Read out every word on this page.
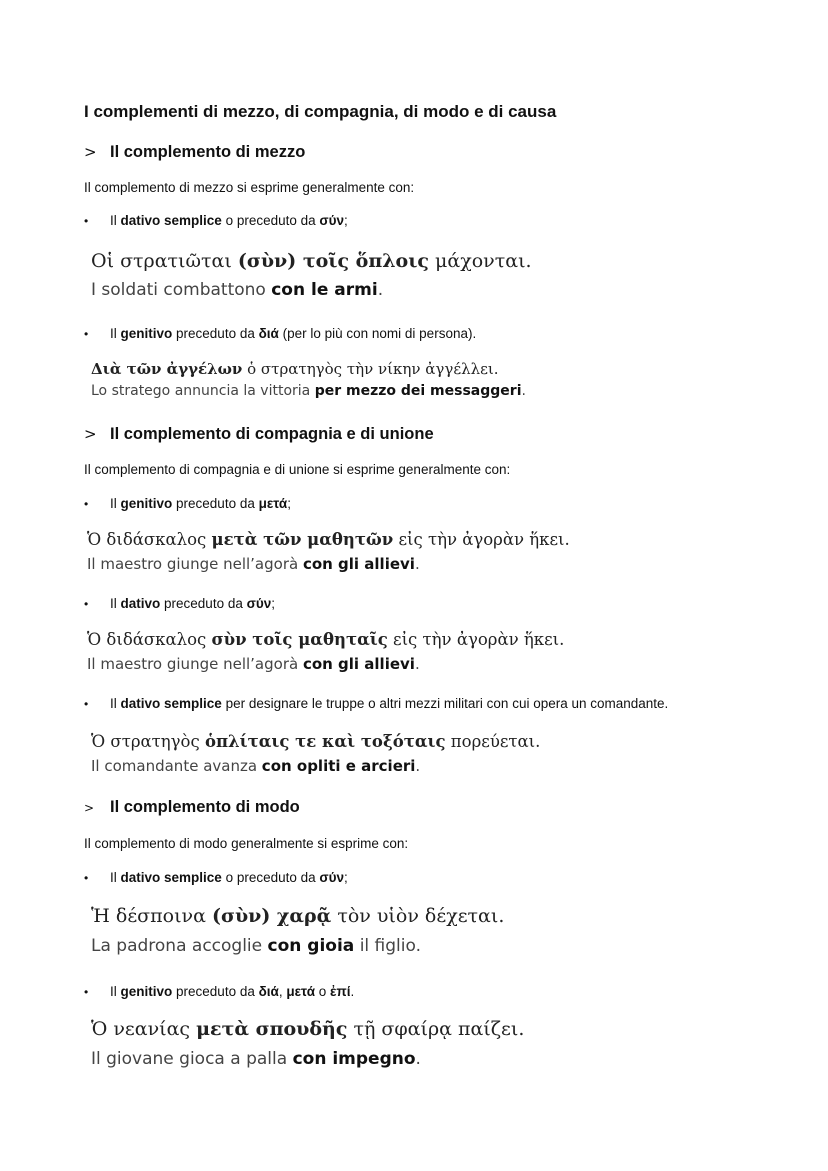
I complementi di mezzo, di compagnia, di modo e di causa
> Il complemento di mezzo
Il complemento di mezzo si esprime generalmente con:
• Il dativo semplice o preceduto da σύν;
Οἱ στρατιῶται (σὺν) τοῖς ὅπλοις μάχονται.
I soldati combattono con le armi.
• Il genitivo preceduto da διά (per lo più con nomi di persona).
Διὰ τῶν ἀγγέλων ὁ στρατηγὸς τὴν νίκην ἀγγέλλει.
Lo stratego annuncia la vittoria per mezzo dei messaggeri.
> Il complemento di compagnia e di unione
Il complemento di compagnia e di unione si esprime generalmente con:
• Il genitivo preceduto da μετά;
Ὁ διδάσκαλος μετὰ τῶν μαθητῶν εἰς τὴν ἀγορὰν ἥκει.
Il maestro giunge nell’agorà con gli allievi.
• Il dativo preceduto da σύν;
Ὁ διδάσκαλος σὺν τοῖς μαθηταῖς εἰς τὴν ἀγορὰν ἥκει.
Il maestro giunge nell’agorà con gli allievi.
• Il dativo semplice per designare le truppe o altri mezzi militari con cui opera un comandante.
Ὁ στρατηγὸς ὁπλίταις τε καὶ τοξόταις πορεύεται.
Il comandante avanza con opliti e arcieri.
> Il complemento di modo
Il complemento di modo generalmente si esprime con:
• Il dativo semplice o preceduto da σύν;
Ἡ δέσποινα (σὺν) χαρᾷ τὸν υἱὸν δέχεται.
La padrona accoglie con gioia il figlio.
• Il genitivo preceduto da διά, μετά o ἐπί.
Ὁ νεανίας μετὰ σπουδῆς τῇ σφαίρᾳ παίζει.
Il giovane gioca a palla con impegno.
